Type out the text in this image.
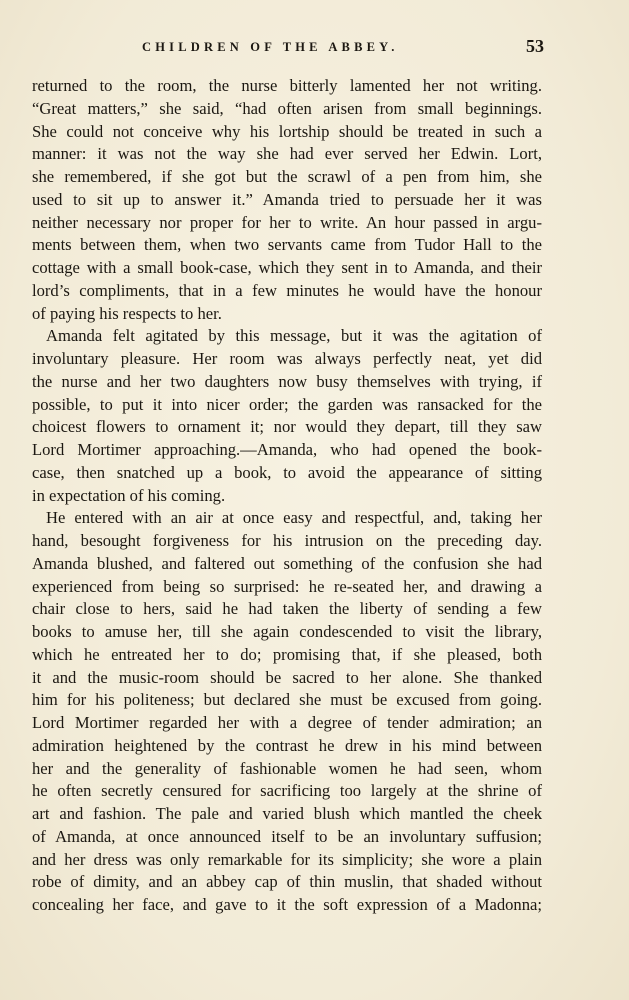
CHILDREN OF THE ABBEY.	53
returned to the room, the nurse bitterly lamented her not writing.
“Great matters,” she said, “had often arisen from small beginnings.
She could not conceive why his lortship should be treated in such a
manner: it was not the way she had ever served her Edwin. Lort,
she remembered, if she got but the scrawl of a pen from him, she
used to sit up to answer it.” Amanda tried to persuade her it was
neither necessary nor proper for her to write. An hour passed in argu-
ments between them, when two servants came from Tudor Hall to the
cottage with a small book-case, which they sent in to Amanda, and their
lord’s compliments, that in a few minutes he would have the honour
of paying his respects to her.
Amanda felt agitated by this message, but it was the agitation of
involuntary pleasure. Her room was always perfectly neat, yet did
the nurse and her two daughters now busy themselves with trying, if
possible, to put it into nicer order; the garden was ransacked for the
choicest flowers to ornament it; nor would they depart, till they saw
Lord Mortimer approaching.—Amanda, who had opened the book-
case, then snatched up a book, to avoid the appearance of sitting
in expectation of his coming.
He entered with an air at once easy and respectful, and, taking her
hand, besought forgiveness for his intrusion on the preceding day.
Amanda blushed, and faltered out something of the confusion she had
experienced from being so surprised: he re-seated her, and drawing a
chair close to hers, said he had taken the liberty of sending a few
books to amuse her, till she again condescended to visit the library,
which he entreated her to do; promising that, if she pleased, both
it and the music-room should be sacred to her alone. She thanked
him for his politeness; but declared she must be excused from going.
Lord Mortimer regarded her with a degree of tender admiration; an
admiration heightened by the contrast he drew in his mind between
her and the generality of fashionable women he had seen, whom
he often secretly censured for sacrificing too largely at the shrine of
art and fashion. The pale and varied blush which mantled the cheek
of Amanda, at once announced itself to be an involuntary suffusion;
and her dress was only remarkable for its simplicity; she wore a plain
robe of dimity, and an abbey cap of thin muslin, that shaded without
concealing her face, and gave to it the soft expression of a Madonna;
